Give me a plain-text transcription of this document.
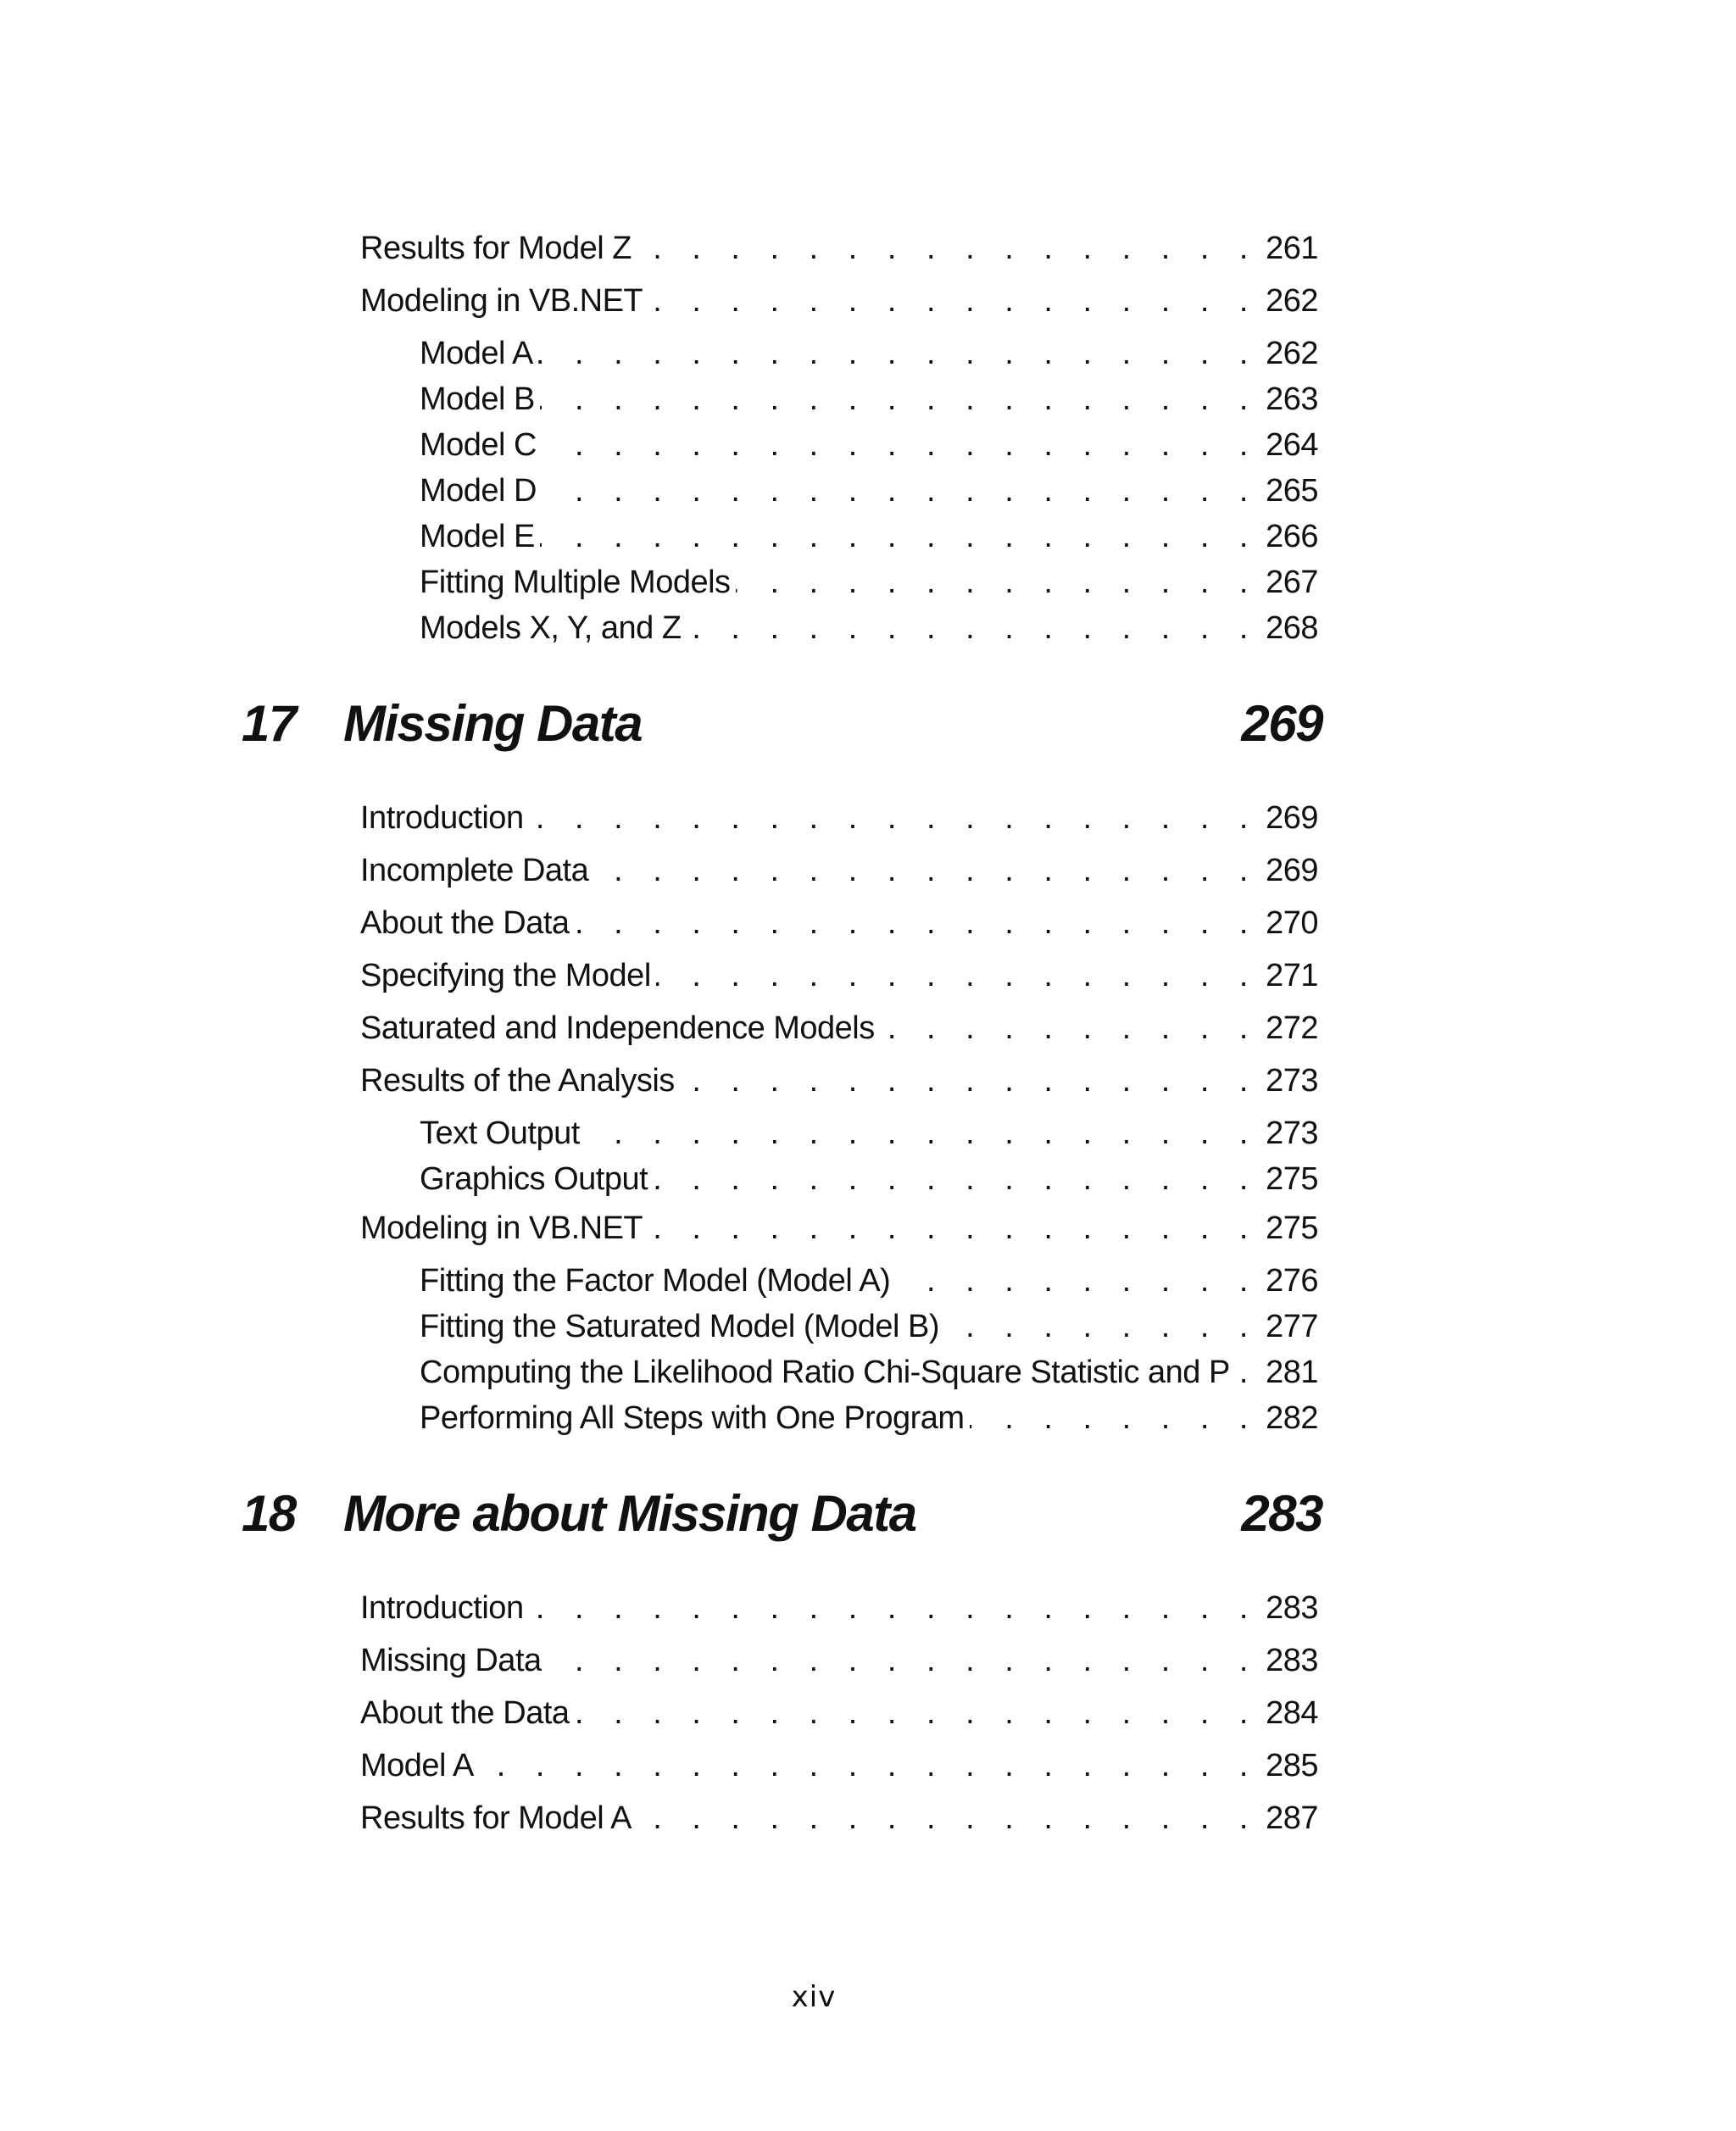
Results for Model Z . . .	261
Modeling in VB.NET . . .	262
Model A . . .	262
Model B . . .	263
Model C . . .	264
Model D . . .	265
Model E . . .	266
Fitting Multiple Models . . .	267
Models X, Y, and Z . . .	268
17 Missing Data	269
Introduction . . .	269
Incomplete Data . . .	269
About the Data . . .	270
Specifying the Model . . .	271
Saturated and Independence Models . . .	272
Results of the Analysis . . .	273
Text Output . . .	273
Graphics Output . . .	275
Modeling in VB.NET . . .	275
Fitting the Factor Model (Model A) . . .	276
Fitting the Saturated Model (Model B) . . .	277
Computing the Likelihood Ratio Chi-Square Statistic and P . . . 281
Performing All Steps with One Program . . .	282
18 More about Missing Data	283
Introduction . . .	283
Missing Data . . .	283
About the Data . . .	284
Model A . . .	285
Results for Model A . . .	287
xiv
